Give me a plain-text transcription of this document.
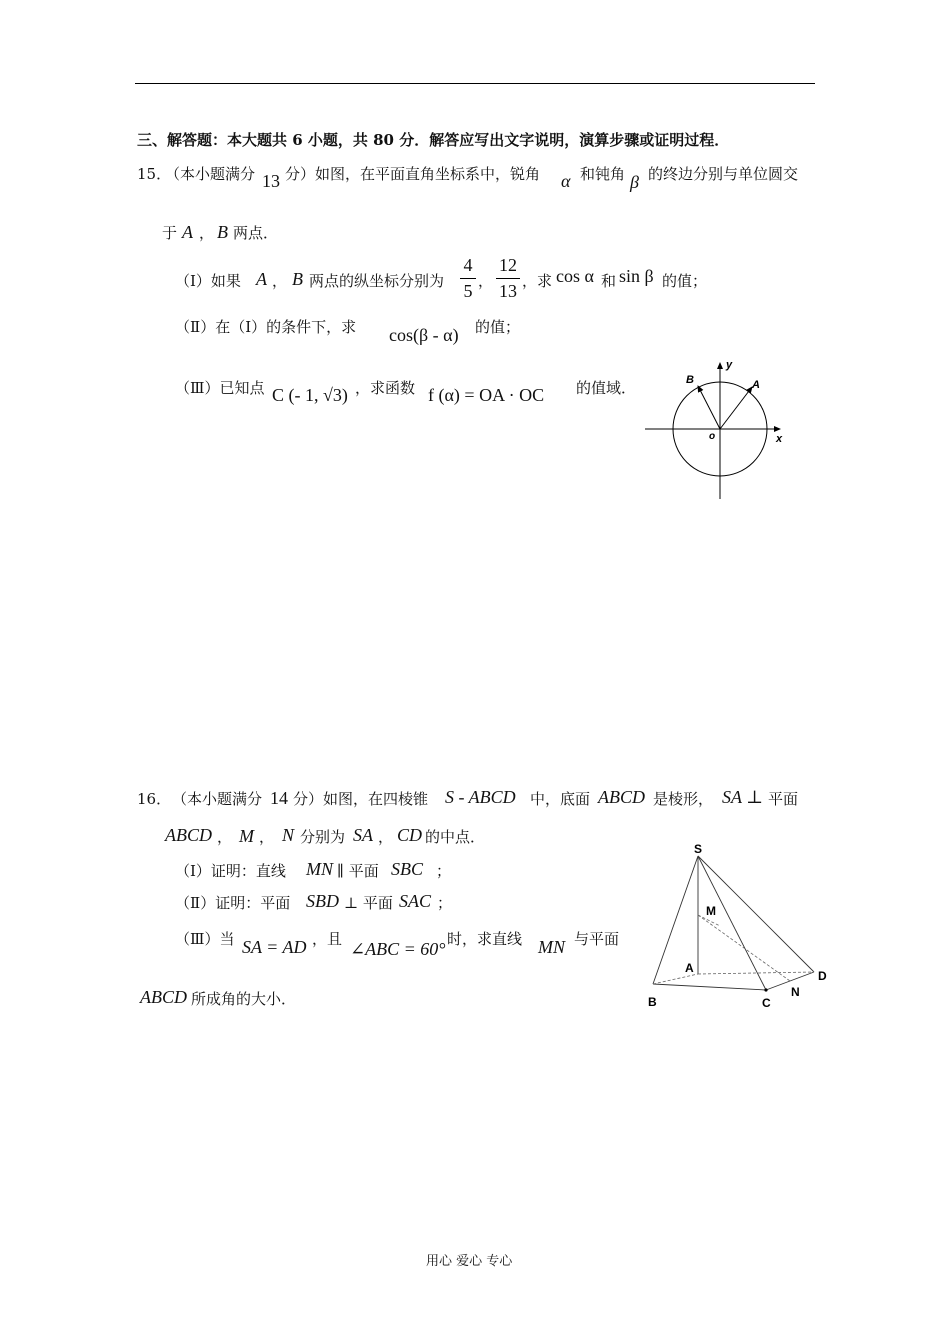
三、解答题：本大题共 6 小题，共 80 分．解答应写出文字说明，演算步骤或证明过程．
15．
（本小题满分 13 分）如图，在平面直角坐标系中，锐角 α 和钝角 β 的终边分别与单位圆交
于 A ， B 两点．
（Ⅰ）如果 A ， B 两点的纵坐标分别为
4
5 ，
12
13 ，求 cos α 和 sin β 的值；
（Ⅱ）在（Ⅰ）的条件下，求 cos(β - α) 的值；
（Ⅲ）已知点 C (- 1, √3) ，求函数 f (α) = OA · OC 的值域．
y
x
o
A
B
16． （本小题满分 14 分）如图，在四棱锥 S - ABCD 中，底面 ABCD 是棱形， SA ⊥ 平面
ABCD ， M ， N 分别为 SA ， CD 的中点．
（Ⅰ）证明：直线 MN ∥ 平面 SBC ；
（Ⅱ）证明：平面 SBD ⊥ 平面 SAC ；
（Ⅲ）当 SA = AD ，且 ∠ABC = 60° 时，求直线 MN 与平面
ABCD 所成角的大小．
S
M
A
B	C
D
N
用心 爱心 专心
